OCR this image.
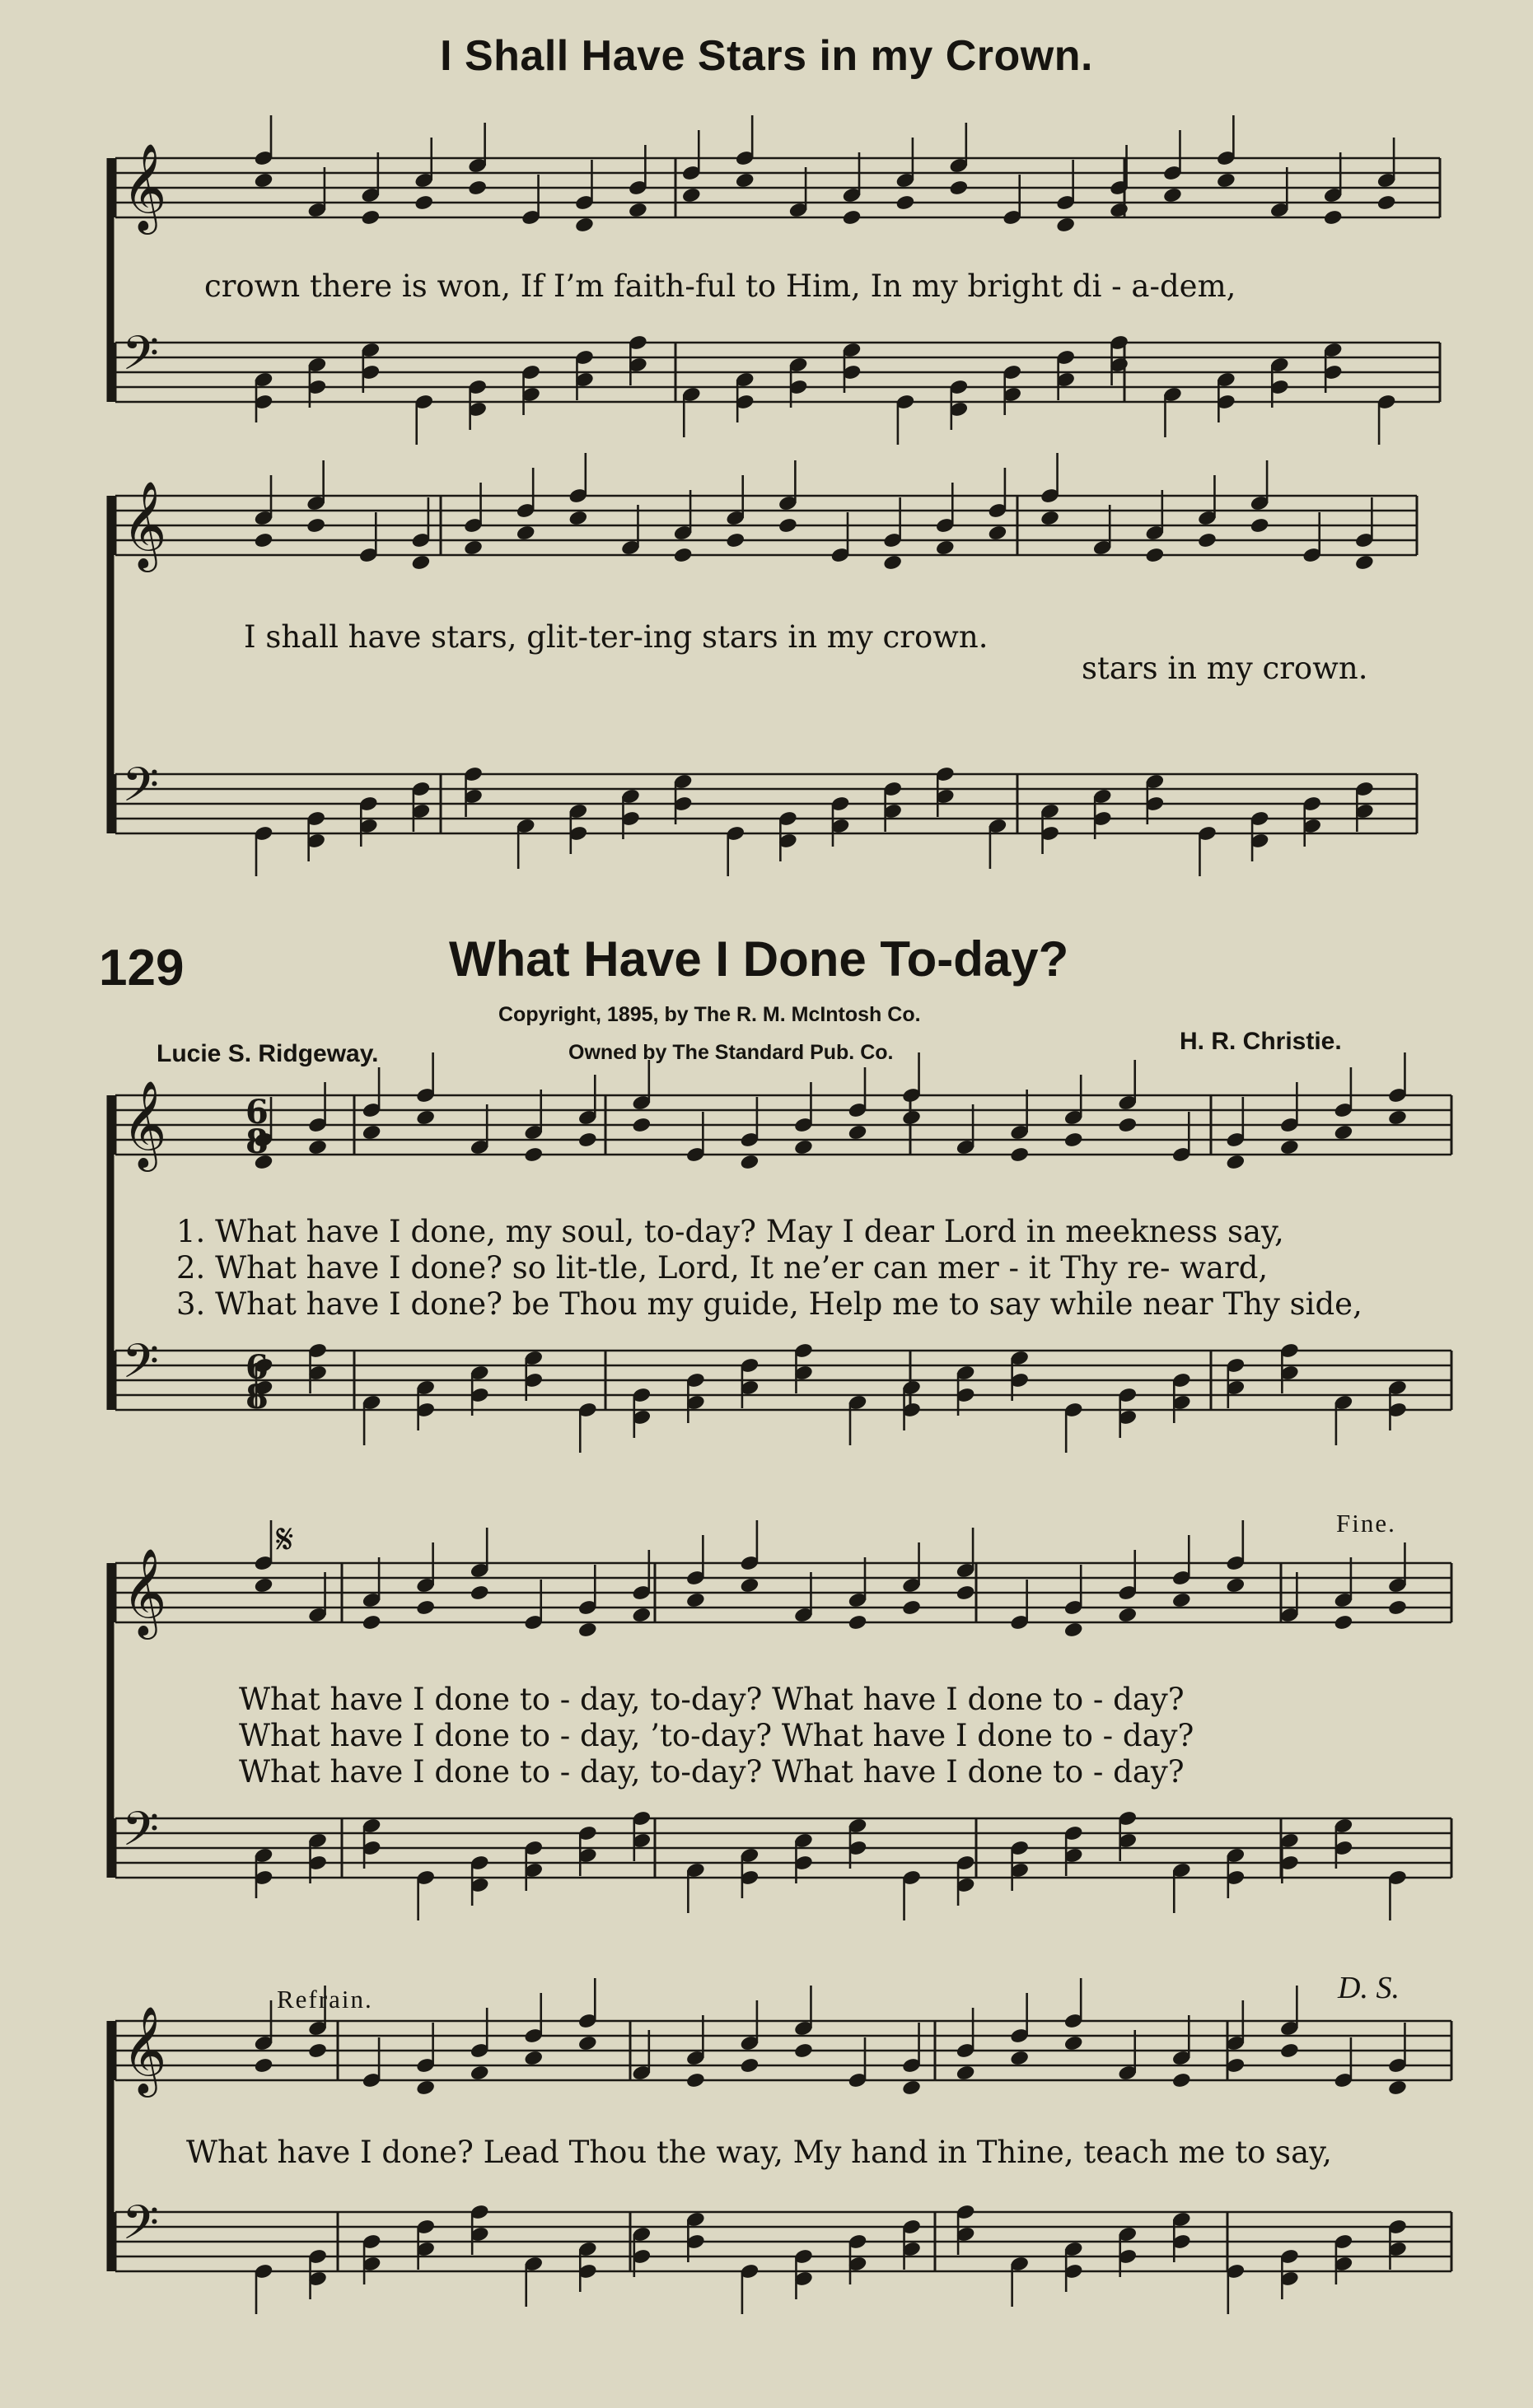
𝄞
𝄢
𝄞
𝄢
𝄞
𝄢
𝄞
𝄢
𝄞
𝄢
6
8
6
8
I Shall Have Stars in my Crown.
crown there is won, If I’m faith-ful to Him, In my bright di - a-dem,
I shall have stars, glit-ter-ing stars in my crown.
stars in my crown.
129	What Have I Done To-day?
Copyright, 1895, by The R. M. McIntosh Co.
Owned by The Standard Pub. Co.
Lucie S. Ridgeway.	H. R. Christie.
1. What have I done, my soul, to-day? May I dear Lord in meekness say,
2. What have I done? so lit-tle, Lord, It ne’er can mer - it Thy re- ward,
3. What have I done? be Thou my guide, Help me to say while near Thy side,
𝄋	Fine.
What have I done to - day, to-day? What have I done to - day?
What have I done to - day, ’to-day? What have I done to - day?
What have I done to - day, to-day? What have I done to - day?
Refrain.	D. S.
What have I done? Lead Thou the way, My hand in Thine, teach me to say,
